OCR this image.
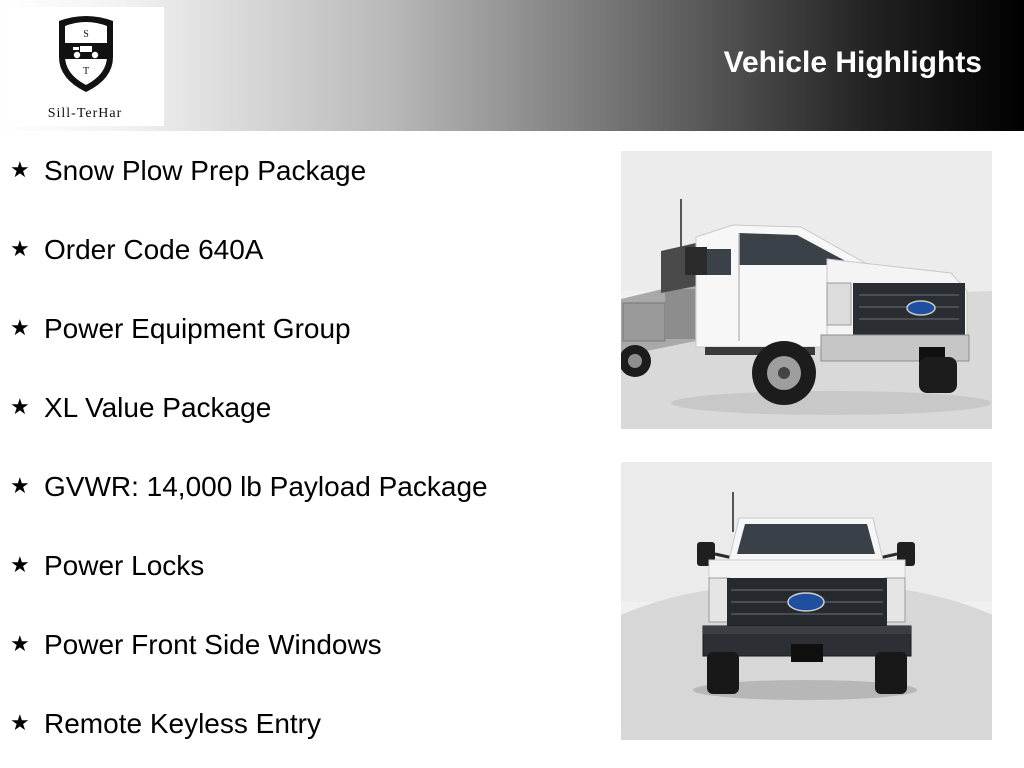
S
T
Sill-TerHar
Vehicle Highlights
★ Snow Plow Prep Package
★ Order Code 640A
★ Power Equipment Group
★ XL Value Package
★ GVWR: 14,000 lb Payload Package
★ Power Locks
★ Power Front Side Windows
★ Remote Keyless Entry
